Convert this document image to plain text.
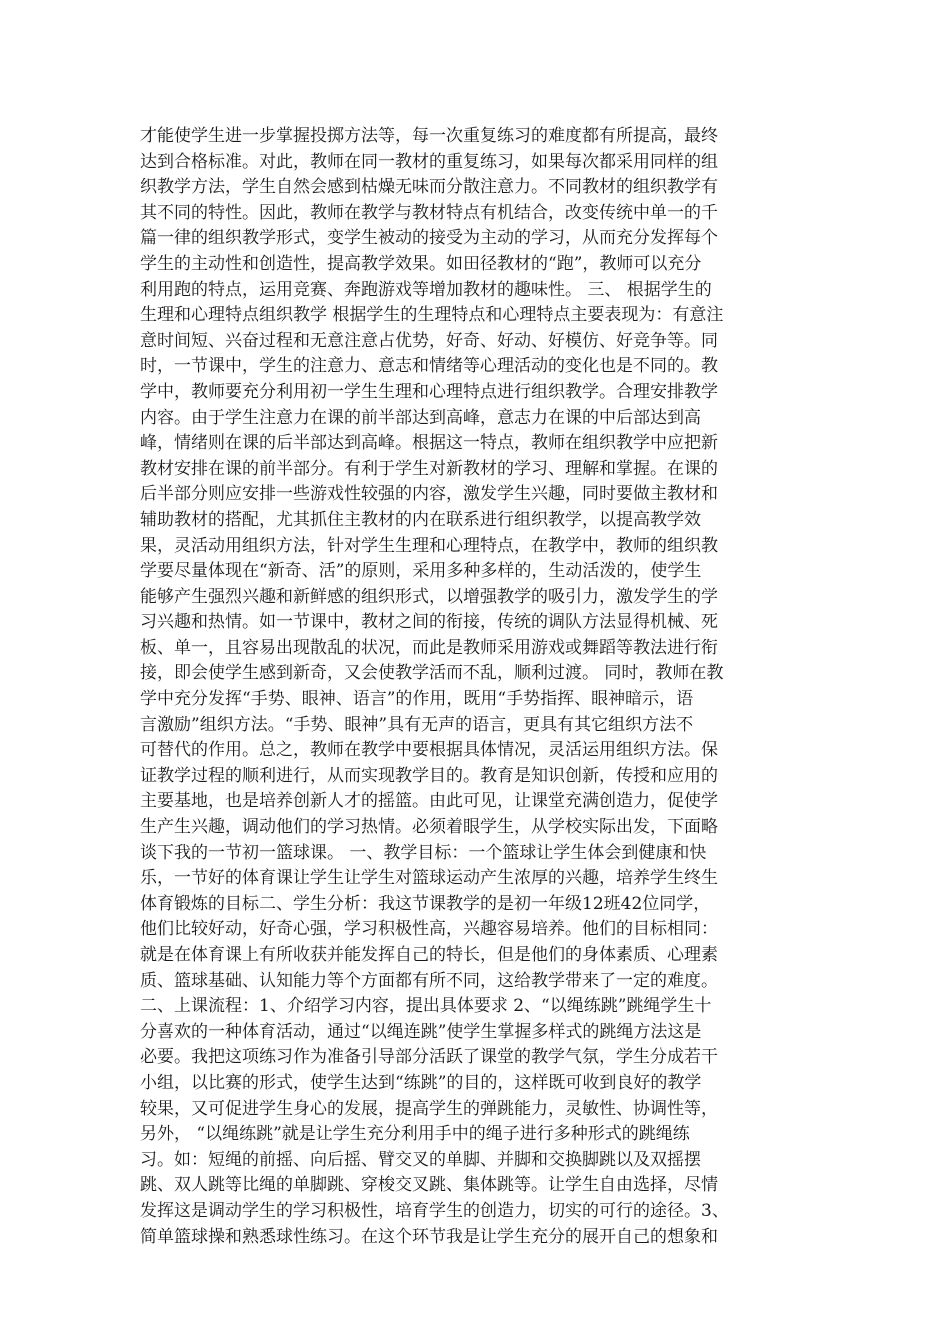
才能使学生进一步掌握投掷方法等，每一次重复练习的难度都有所提高，最终
达到合格标准。对此，教师在同一教材的重复练习，如果每次都采用同样的组
织教学方法，学生自然会感到枯燥无味而分散注意力。不同教材的组织教学有
其不同的特性。因此，教师在教学与教材特点有机结合，改变传统中单一的千
篇一律的组织教学形式，变学生被动的接受为主动的学习，从而充分发挥每个
学生的主动性和创造性，提高教学效果。如田径教材的“跑”，教师可以充分
利用跑的特点，运用竞赛、奔跑游戏等增加教材的趣味性。 三、 根据学生的
生理和心理特点组织教学 根据学生的生理特点和心理特点主要表现为：有意注
意时间短、兴奋过程和无意注意占优势，好奇、好动、好模仿、好竞争等。同
时，一节课中，学生的注意力、意志和情绪等心理活动的变化也是不同的。教
学中，教师要充分利用初一学生生理和心理特点进行组织教学。合理安排教学
内容。由于学生注意力在课的前半部达到高峰，意志力在课的中后部达到高
峰，情绪则在课的后半部达到高峰。根据这一特点，教师在组织教学中应把新
教材安排在课的前半部分。有利于学生对新教材的学习、理解和掌握。在课的
后半部分则应安排一些游戏性较强的内容，激发学生兴趣，同时要做主教材和
辅助教材的搭配，尤其抓住主教材的内在联系进行组织教学，以提高教学效
果，灵活动用组织方法，针对学生生理和心理特点，在教学中，教师的组织教
学要尽量体现在“新奇、活”的原则，采用多种多样的，生动活泼的，使学生
能够产生强烈兴趣和新鲜感的组织形式，以增强教学的吸引力，激发学生的学
习兴趣和热情。如一节课中，教材之间的衔接，传统的调队方法显得机械、死
板、单一，且容易出现散乱的状况，而此是教师采用游戏或舞蹈等教法进行衔
接，即会使学生感到新奇，又会使教学活而不乱，顺利过渡。 同时，教师在教
学中充分发挥“手势、眼神、语言”的作用，既用“手势指挥、眼神暗示，语
言激励”组织方法。“手势、眼神”具有无声的语言，更具有其它组织方法不
可替代的作用。总之，教师在教学中要根据具体情况，灵活运用组织方法。保
证教学过程的顺利进行，从而实现教学目的。教育是知识创新，传授和应用的
主要基地，也是培养创新人才的摇篮。由此可见，让课堂充满创造力，促使学
生产生兴趣，调动他们的学习热情。必须着眼学生，从学校实际出发，下面略
谈下我的一节初一篮球课。 一、教学目标：一个篮球让学生体会到健康和快
乐，一节好的体育课让学生让学生对篮球运动产生浓厚的兴趣，培养学生终生
体育锻炼的目标二、学生分析：我这节课教学的是初一年级12班42位同学，
他们比较好动，好奇心强，学习积极性高，兴趣容易培养。他们的目标相同：
就是在体育课上有所收获并能发挥自己的特长，但是他们的身体素质、心理素
质、篮球基础、认知能力等个方面都有所不同，这给教学带来了一定的难度。
二、上课流程：1、介绍学习内容，提出具体要求 2、“以绳练跳”跳绳学生十
分喜欢的一种体育活动，通过“以绳连跳”使学生掌握多样式的跳绳方法这是
必要。我把这项练习作为准备引导部分活跃了课堂的教学气氛，学生分成若干
小组，以比赛的形式，使学生达到“练跳”的目的，这样既可收到良好的教学
较果，又可促进学生身心的发展，提高学生的弹跳能力，灵敏性、协调性等，
另外， “以绳练跳”就是让学生充分利用手中的绳子进行多种形式的跳绳练
习。如：短绳的前摇、向后摇、臂交叉的单脚、并脚和交换脚跳以及双摇摆
跳、双人跳等比绳的单脚跳、穿梭交叉跳、集体跳等。让学生自由选择，尽情
发挥这是调动学生的学习积极性，培育学生的创造力，切实的可行的途径。3、
简单篮球操和熟悉球性练习。在这个环节我是让学生充分的展开自己的想象和
